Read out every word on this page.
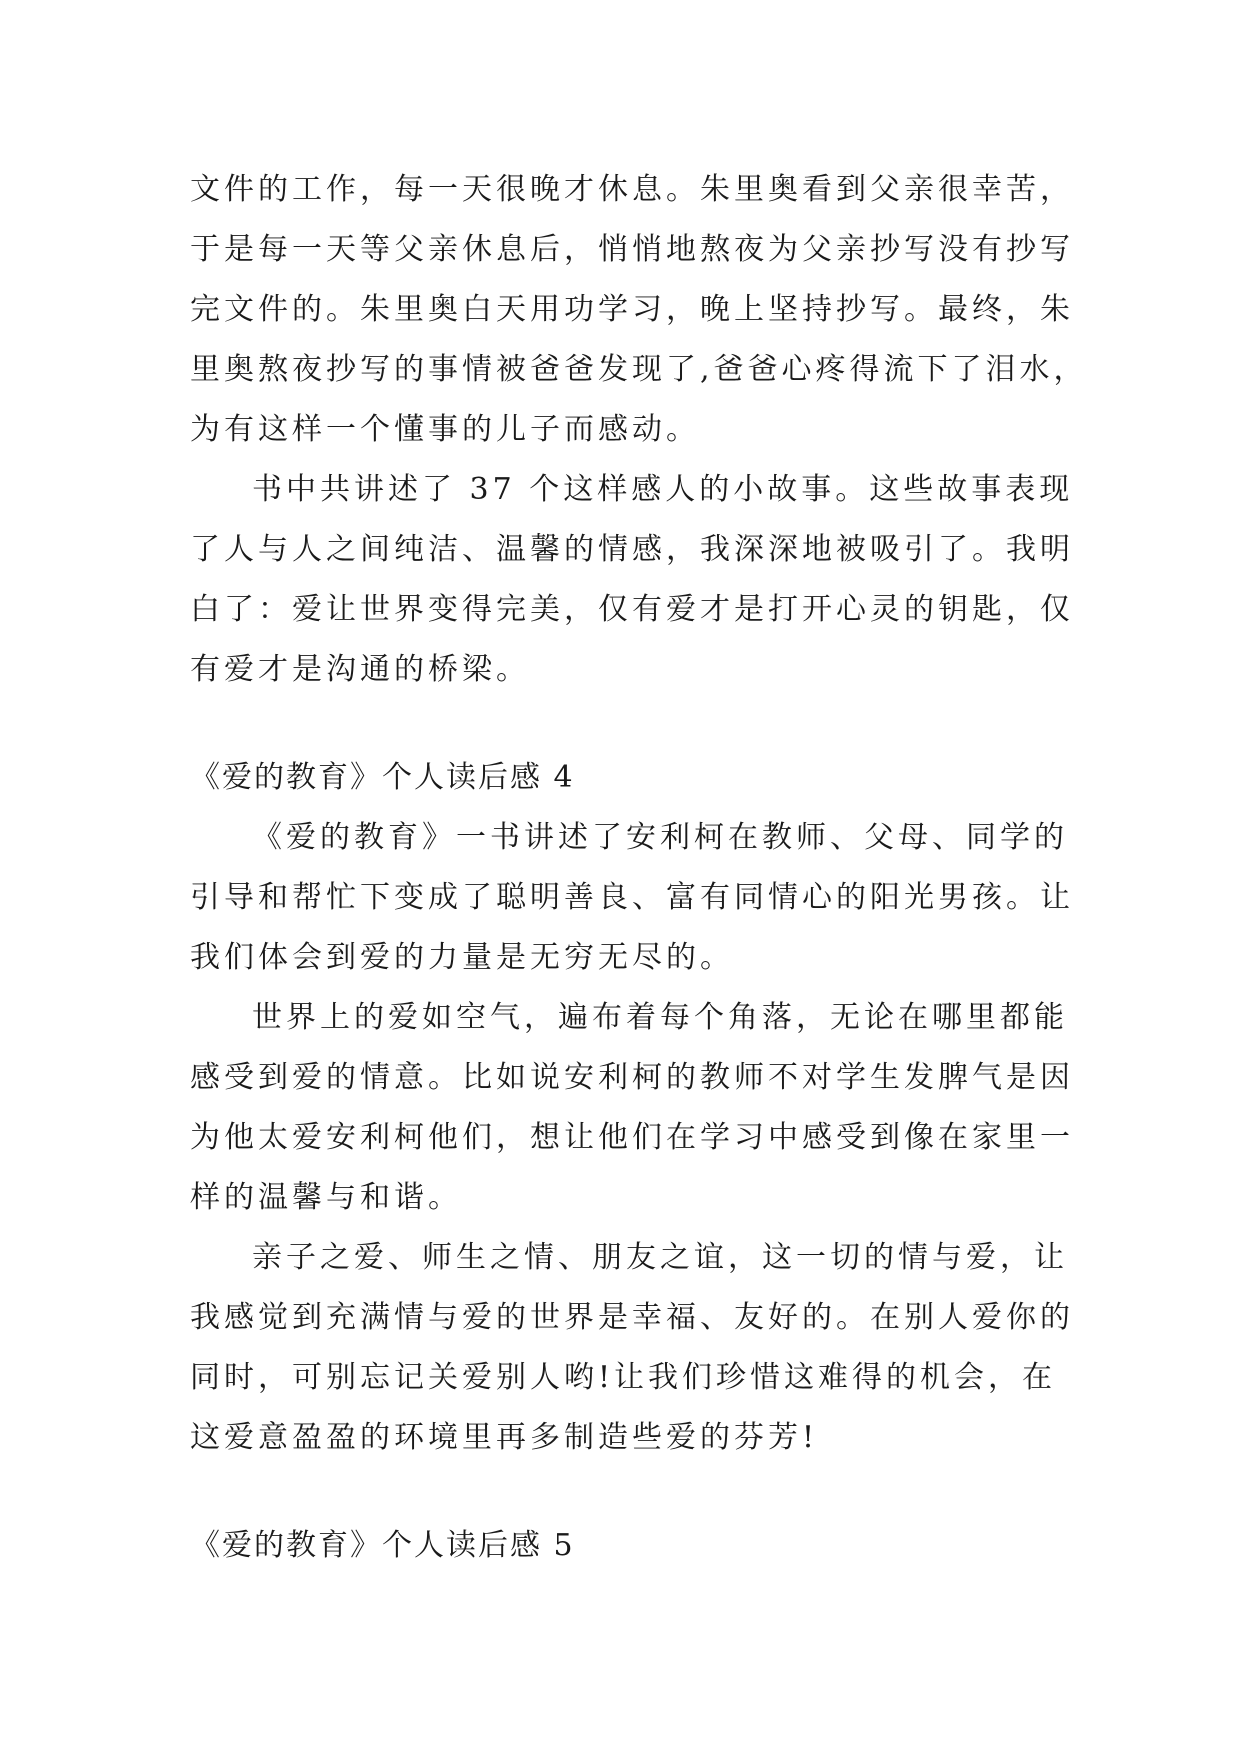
文件的工作，每一天很晚才休息。朱里奥看到父亲很幸苦，
于是每一天等父亲休息后，悄悄地熬夜为父亲抄写没有抄写
完文件的。朱里奥白天用功学习，晚上坚持抄写。最终，朱
里奥熬夜抄写的事情被爸爸发现了,爸爸心疼得流下了泪水，
为有这样一个懂事的儿子而感动。
书中共讲述了 37 个这样感人的小故事。这些故事表现
了人与人之间纯洁、温馨的情感，我深深地被吸引了。我明
白了：爱让世界变得完美，仅有爱才是打开心灵的钥匙，仅
有爱才是沟通的桥梁。
《爱的教育》个人读后感 4
《爱的教育》一书讲述了安利柯在教师、父母、同学的
引导和帮忙下变成了聪明善良、富有同情心的阳光男孩。让
我们体会到爱的力量是无穷无尽的。
世界上的爱如空气，遍布着每个角落，无论在哪里都能
感受到爱的情意。比如说安利柯的教师不对学生发脾气是因
为他太爱安利柯他们，想让他们在学习中感受到像在家里一
样的温馨与和谐。
亲子之爱、师生之情、朋友之谊，这一切的情与爱，让
我感觉到充满情与爱的世界是幸福、友好的。在别人爱你的
同时，可别忘记关爱别人哟!让我们珍惜这难得的机会，在
这爱意盈盈的环境里再多制造些爱的芬芳!
《爱的教育》个人读后感 5
